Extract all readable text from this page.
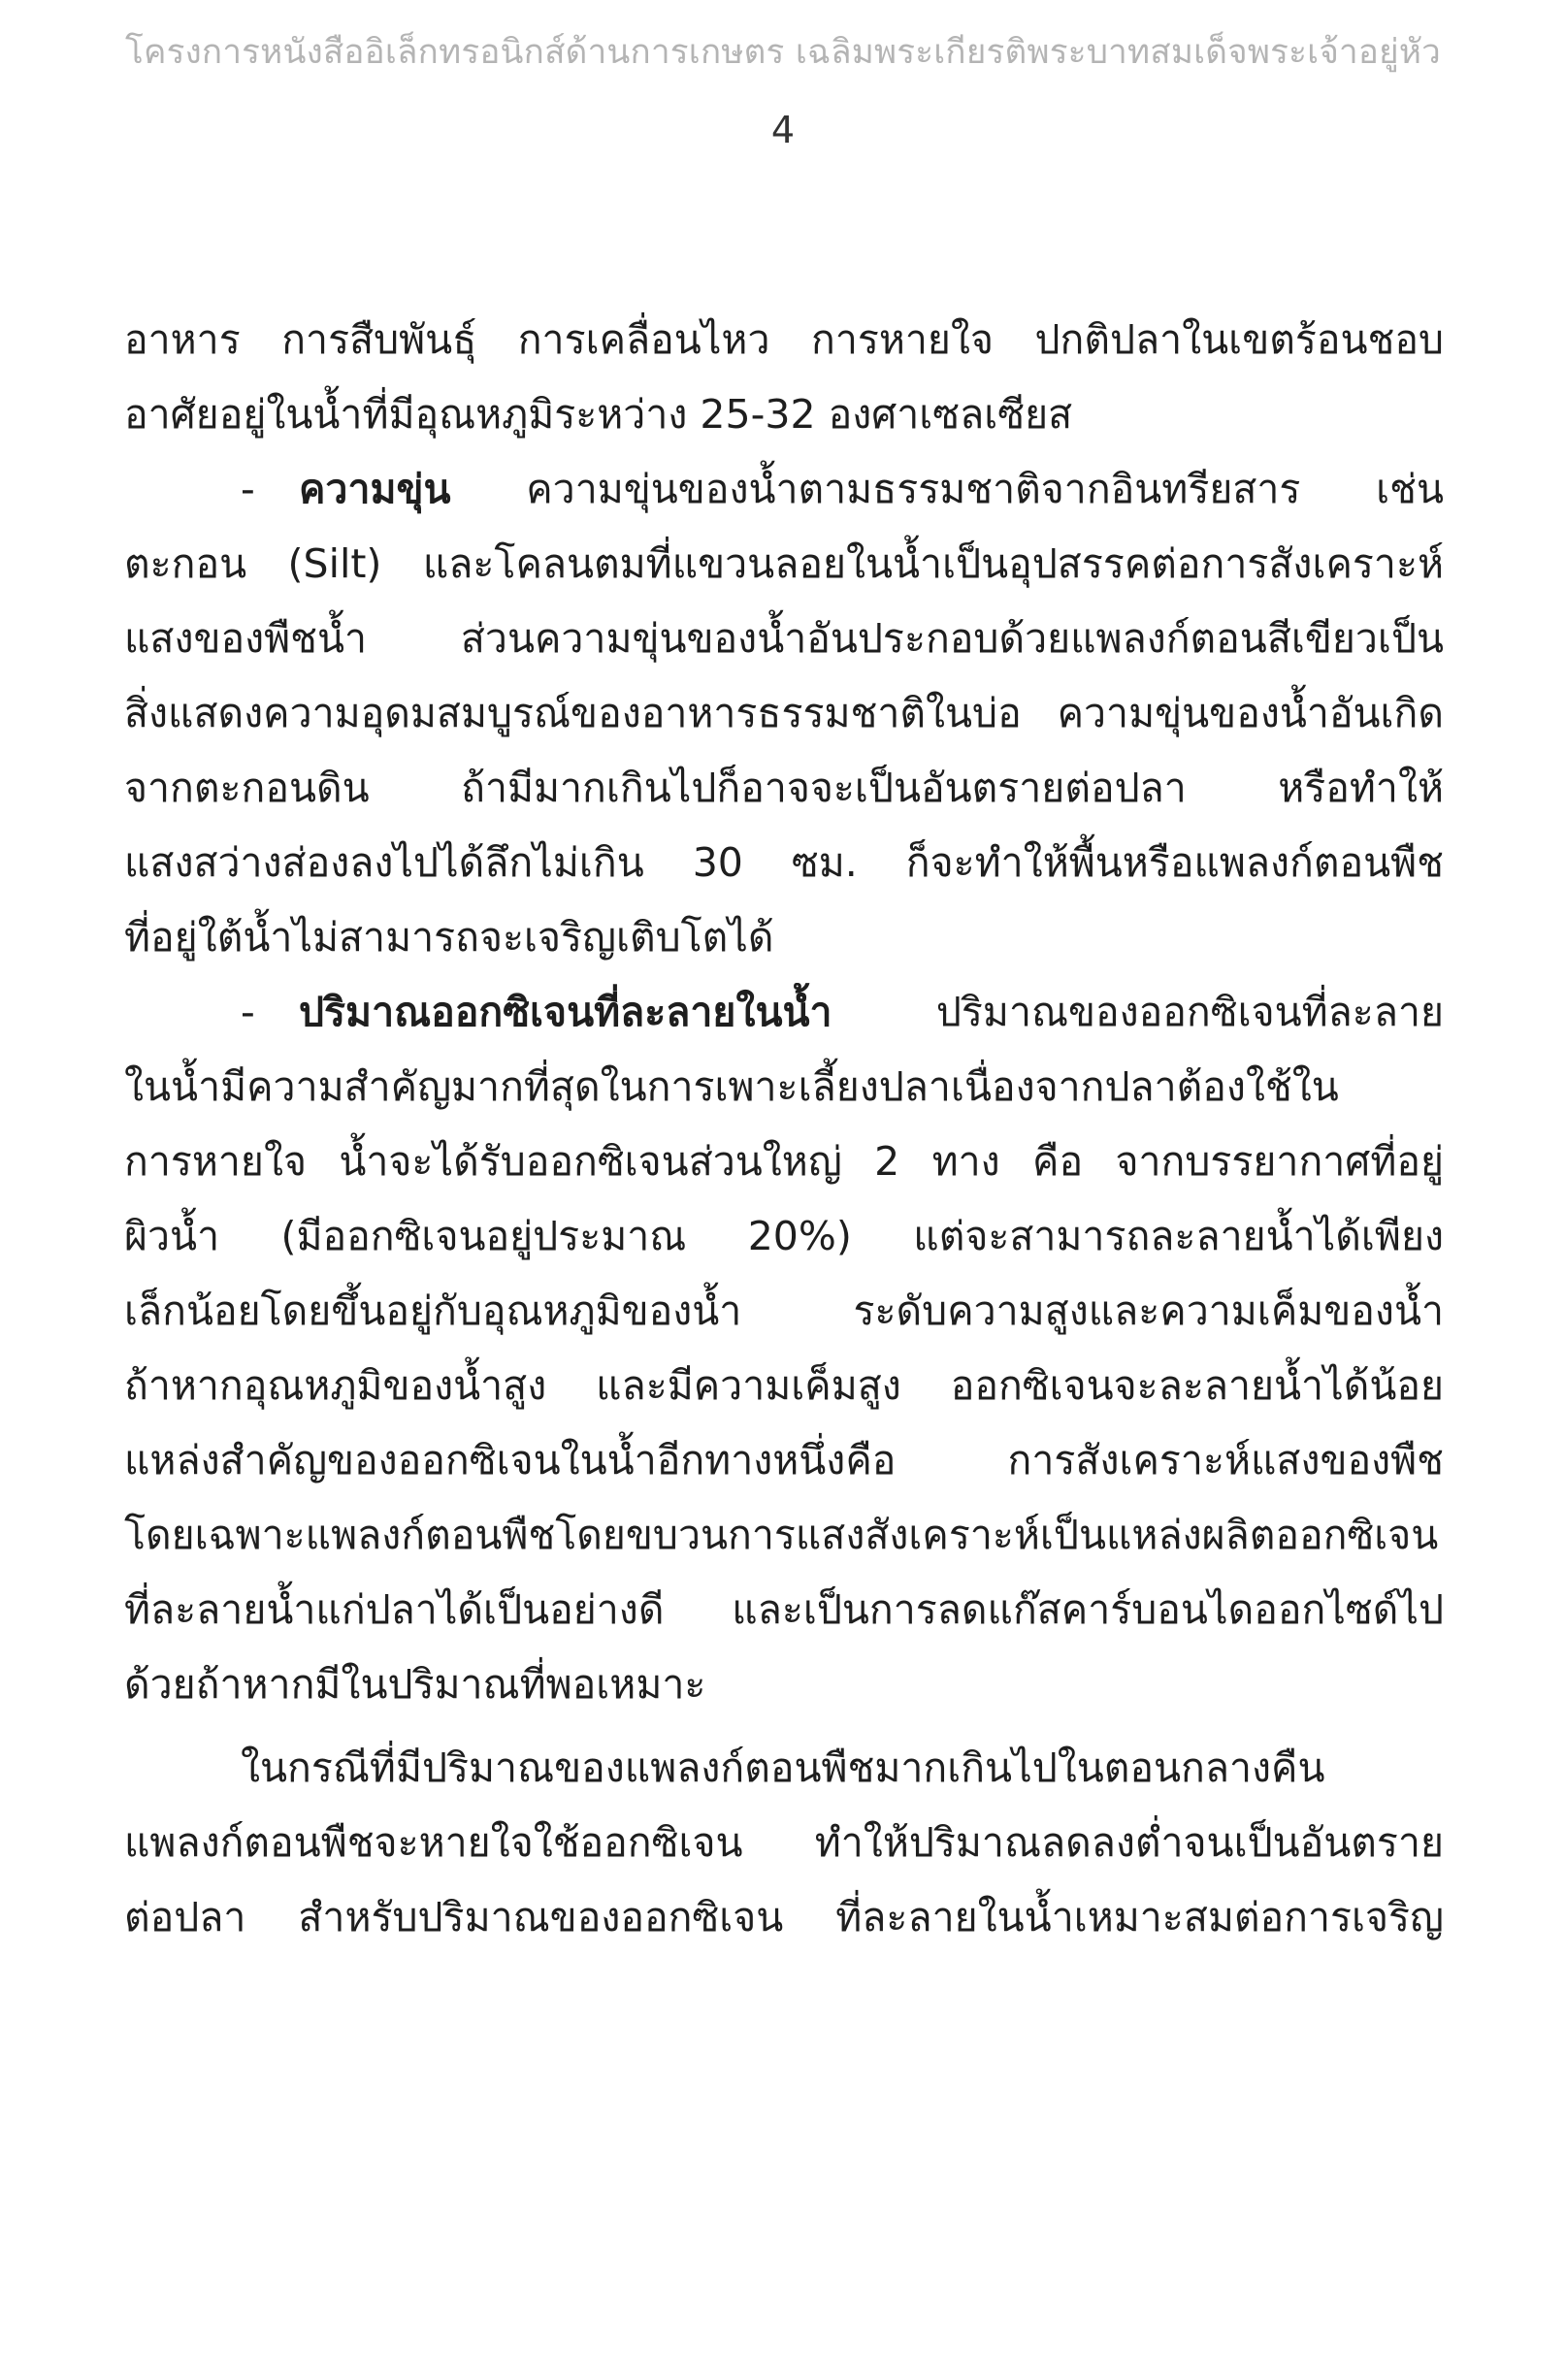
โครงการหนังสืออิเล็กทรอนิกส์ด้านการเกษตร เฉลิมพระเกียรติพระบาทสมเด็จพระเจ้าอยู่หัว
4
อาหาร การสืบพันธุ์ การเคลื่อนไหว การหายใจ ปกติปลาในเขตร้อนชอบ
อาศัยอยู่ในน้ำที่มีอุณหภูมิระหว่าง 25-32 องศาเซลเซียส
- ความขุ่น ความขุ่นของน้ำตามธรรมชาติจากอินทรียสาร เช่น
ตะกอน (Silt) และโคลนตมที่แขวนลอยในน้ำเป็นอุปสรรคต่อการสังเคราะห์
แสงของพืชน้ำ ส่วนความขุ่นของน้ำอันประกอบด้วยแพลงก์ตอนสีเขียวเป็น
สิ่งแสดงความอุดมสมบูรณ์ของอาหารธรรมชาติในบ่อ ความขุ่นของน้ำอันเกิด
จากตะกอนดิน ถ้ามีมากเกินไปก็อาจจะเป็นอันตรายต่อปลา หรือทำให้
แสงสว่างส่องลงไปได้ลึกไม่เกิน 30 ซม. ก็จะทำให้พื้นหรือแพลงก์ตอนพืช
ที่อยู่ใต้น้ำไม่สามารถจะเจริญเติบโตได้
- ปริมาณออกซิเจนที่ละลายในน้ำ ปริมาณของออกซิเจนที่ละลาย
ในน้ำมีความสำคัญมากที่สุดในการเพาะเลี้ยงปลาเนื่องจากปลาต้องใช้ใน
การหายใจ น้ำจะได้รับออกซิเจนส่วนใหญ่ 2 ทาง คือ จากบรรยากาศที่อยู่
ผิวน้ำ (มีออกซิเจนอยู่ประมาณ 20%) แต่จะสามารถละลายน้ำได้เพียง
เล็กน้อยโดยขึ้นอยู่กับอุณหภูมิของน้ำ ระดับความสูงและความเค็มของน้ำ
ถ้าหากอุณหภูมิของน้ำสูง และมีความเค็มสูง ออกซิเจนจะละลายน้ำได้น้อย
แหล่งสำคัญของออกซิเจนในน้ำอีกทางหนึ่งคือ การสังเคราะห์แสงของพืช
โดยเฉพาะแพลงก์ตอนพืชโดยขบวนการแสงสังเคราะห์เป็นแหล่งผลิตออกซิเจน
ที่ละลายน้ำแก่ปลาได้เป็นอย่างดี และเป็นการลดแก๊สคาร์บอนไดออกไซด์ไป
ด้วยถ้าหากมีในปริมาณที่พอเหมาะ
ในกรณีที่มีปริมาณของแพลงก์ตอนพืชมากเกินไปในตอนกลางคืน
แพลงก์ตอนพืชจะหายใจใช้ออกซิเจน ทำให้ปริมาณลดลงต่ำจนเป็นอันตราย
ต่อปลา สำหรับปริมาณของออกซิเจน ที่ละลายในน้ำเหมาะสมต่อการเจริญ
